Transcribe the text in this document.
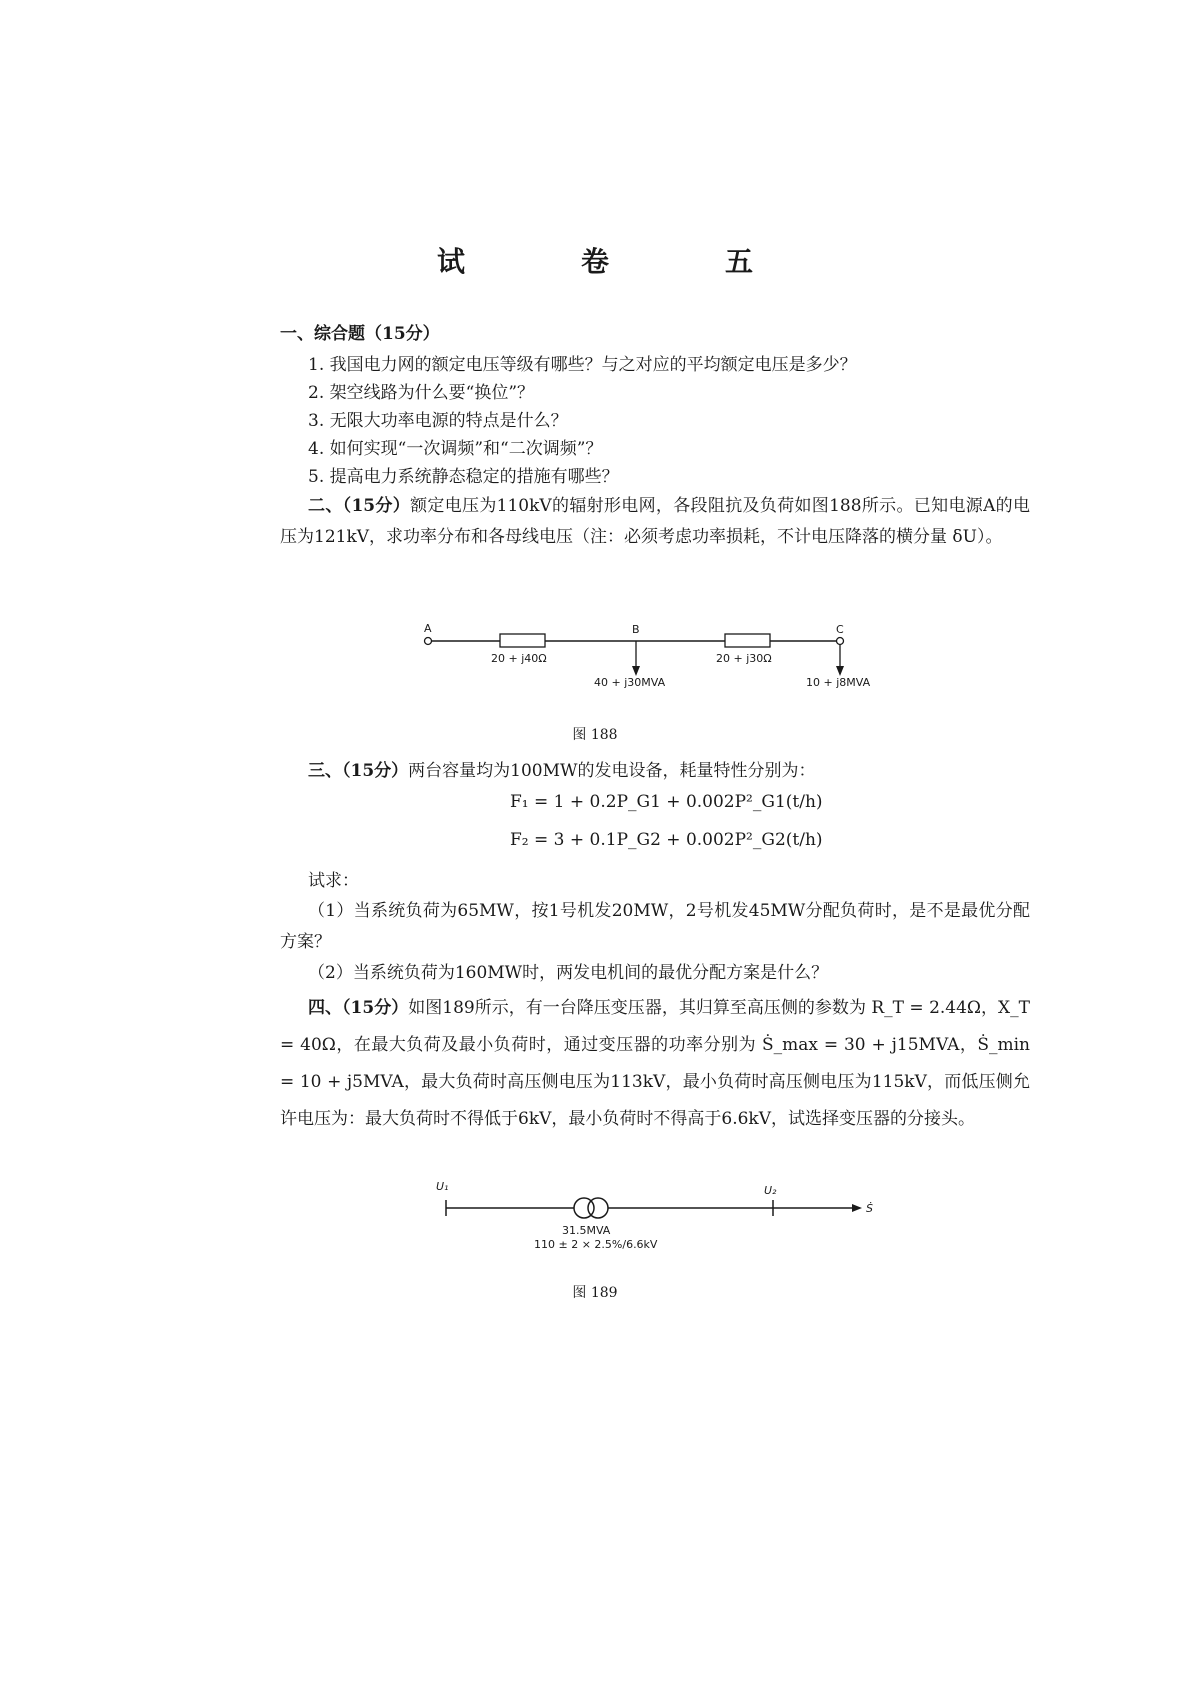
试　卷　五
一、综合题（15分）
1. 我国电力网的额定电压等级有哪些？与之对应的平均额定电压是多少？
2. 架空线路为什么要“换位”？
3. 无限大功率电源的特点是什么？
4. 如何实现“一次调频”和“二次调频”？
5. 提高电力系统静态稳定的措施有哪些？
二、（15分）额定电压为110kV的辐射形电网，各段阻抗及负荷如图188所示。已知电源A的电压为121kV，求功率分布和各母线电压（注：必须考虑功率损耗，不计电压降落的横分量 δU）。
A	B	C
20 + j40Ω	20 + j30Ω
40 + j30MVA	10 + j8MVA
图 188
三、（15分）两台容量均为100MW的发电设备，耗量特性分别为：
F₁ = 1 + 0.2P_G1 + 0.002P²_G1(t/h)
F₂ = 3 + 0.1P_G2 + 0.002P²_G2(t/h)
试求：
（1）当系统负荷为65MW，按1号机发20MW，2号机发45MW分配负荷时，是不是最优分配方案？
（2）当系统负荷为160MW时，两发电机间的最优分配方案是什么？
四、（15分）如图189所示，有一台降压变压器，其归算至高压侧的参数为 R_T = 2.44Ω，X_T = 40Ω，在最大负荷及最小负荷时，通过变压器的功率分别为 Ṡ_max = 30 + j15MVA，Ṡ_min = 10 + j5MVA，最大负荷时高压侧电压为113kV，最小负荷时高压侧电压为115kV，而低压侧允许电压为：最大负荷时不得低于6kV，最小负荷时不得高于6.6kV，试选择变压器的分接头。
U₁	U₂
Ṡ
31.5MVA
110 ± 2 × 2.5%/6.6kV
图 189
